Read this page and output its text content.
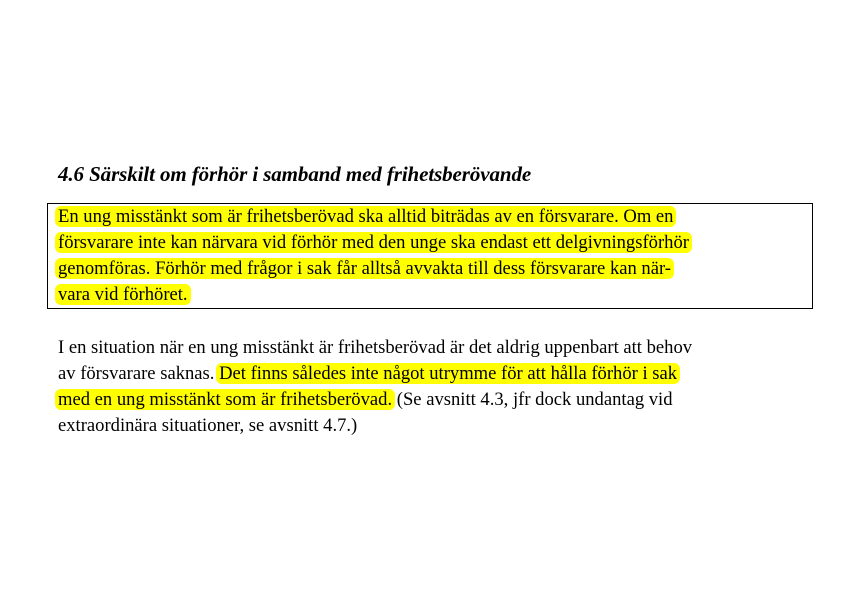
4.6 Särskilt om förhör i samband med frihetsberövande
En ung misstänkt som är frihetsberövad ska alltid biträdas av en försvarare. Om en
försvarare inte kan närvara vid förhör med den unge ska endast ett delgivningsförhör
genomföras. Förhör med frågor i sak får alltså avvakta till dess försvarare kan när-
vara vid förhöret.
I en situation när en ung misstänkt är frihetsberövad är det aldrig uppenbart att behov
av försvarare saknas. Det finns således inte något utrymme för att hålla förhör i sak
med en ung misstänkt som är frihetsberövad. (Se avsnitt 4.3, jfr dock undantag vid
extraordinära situationer, se avsnitt 4.7.)
